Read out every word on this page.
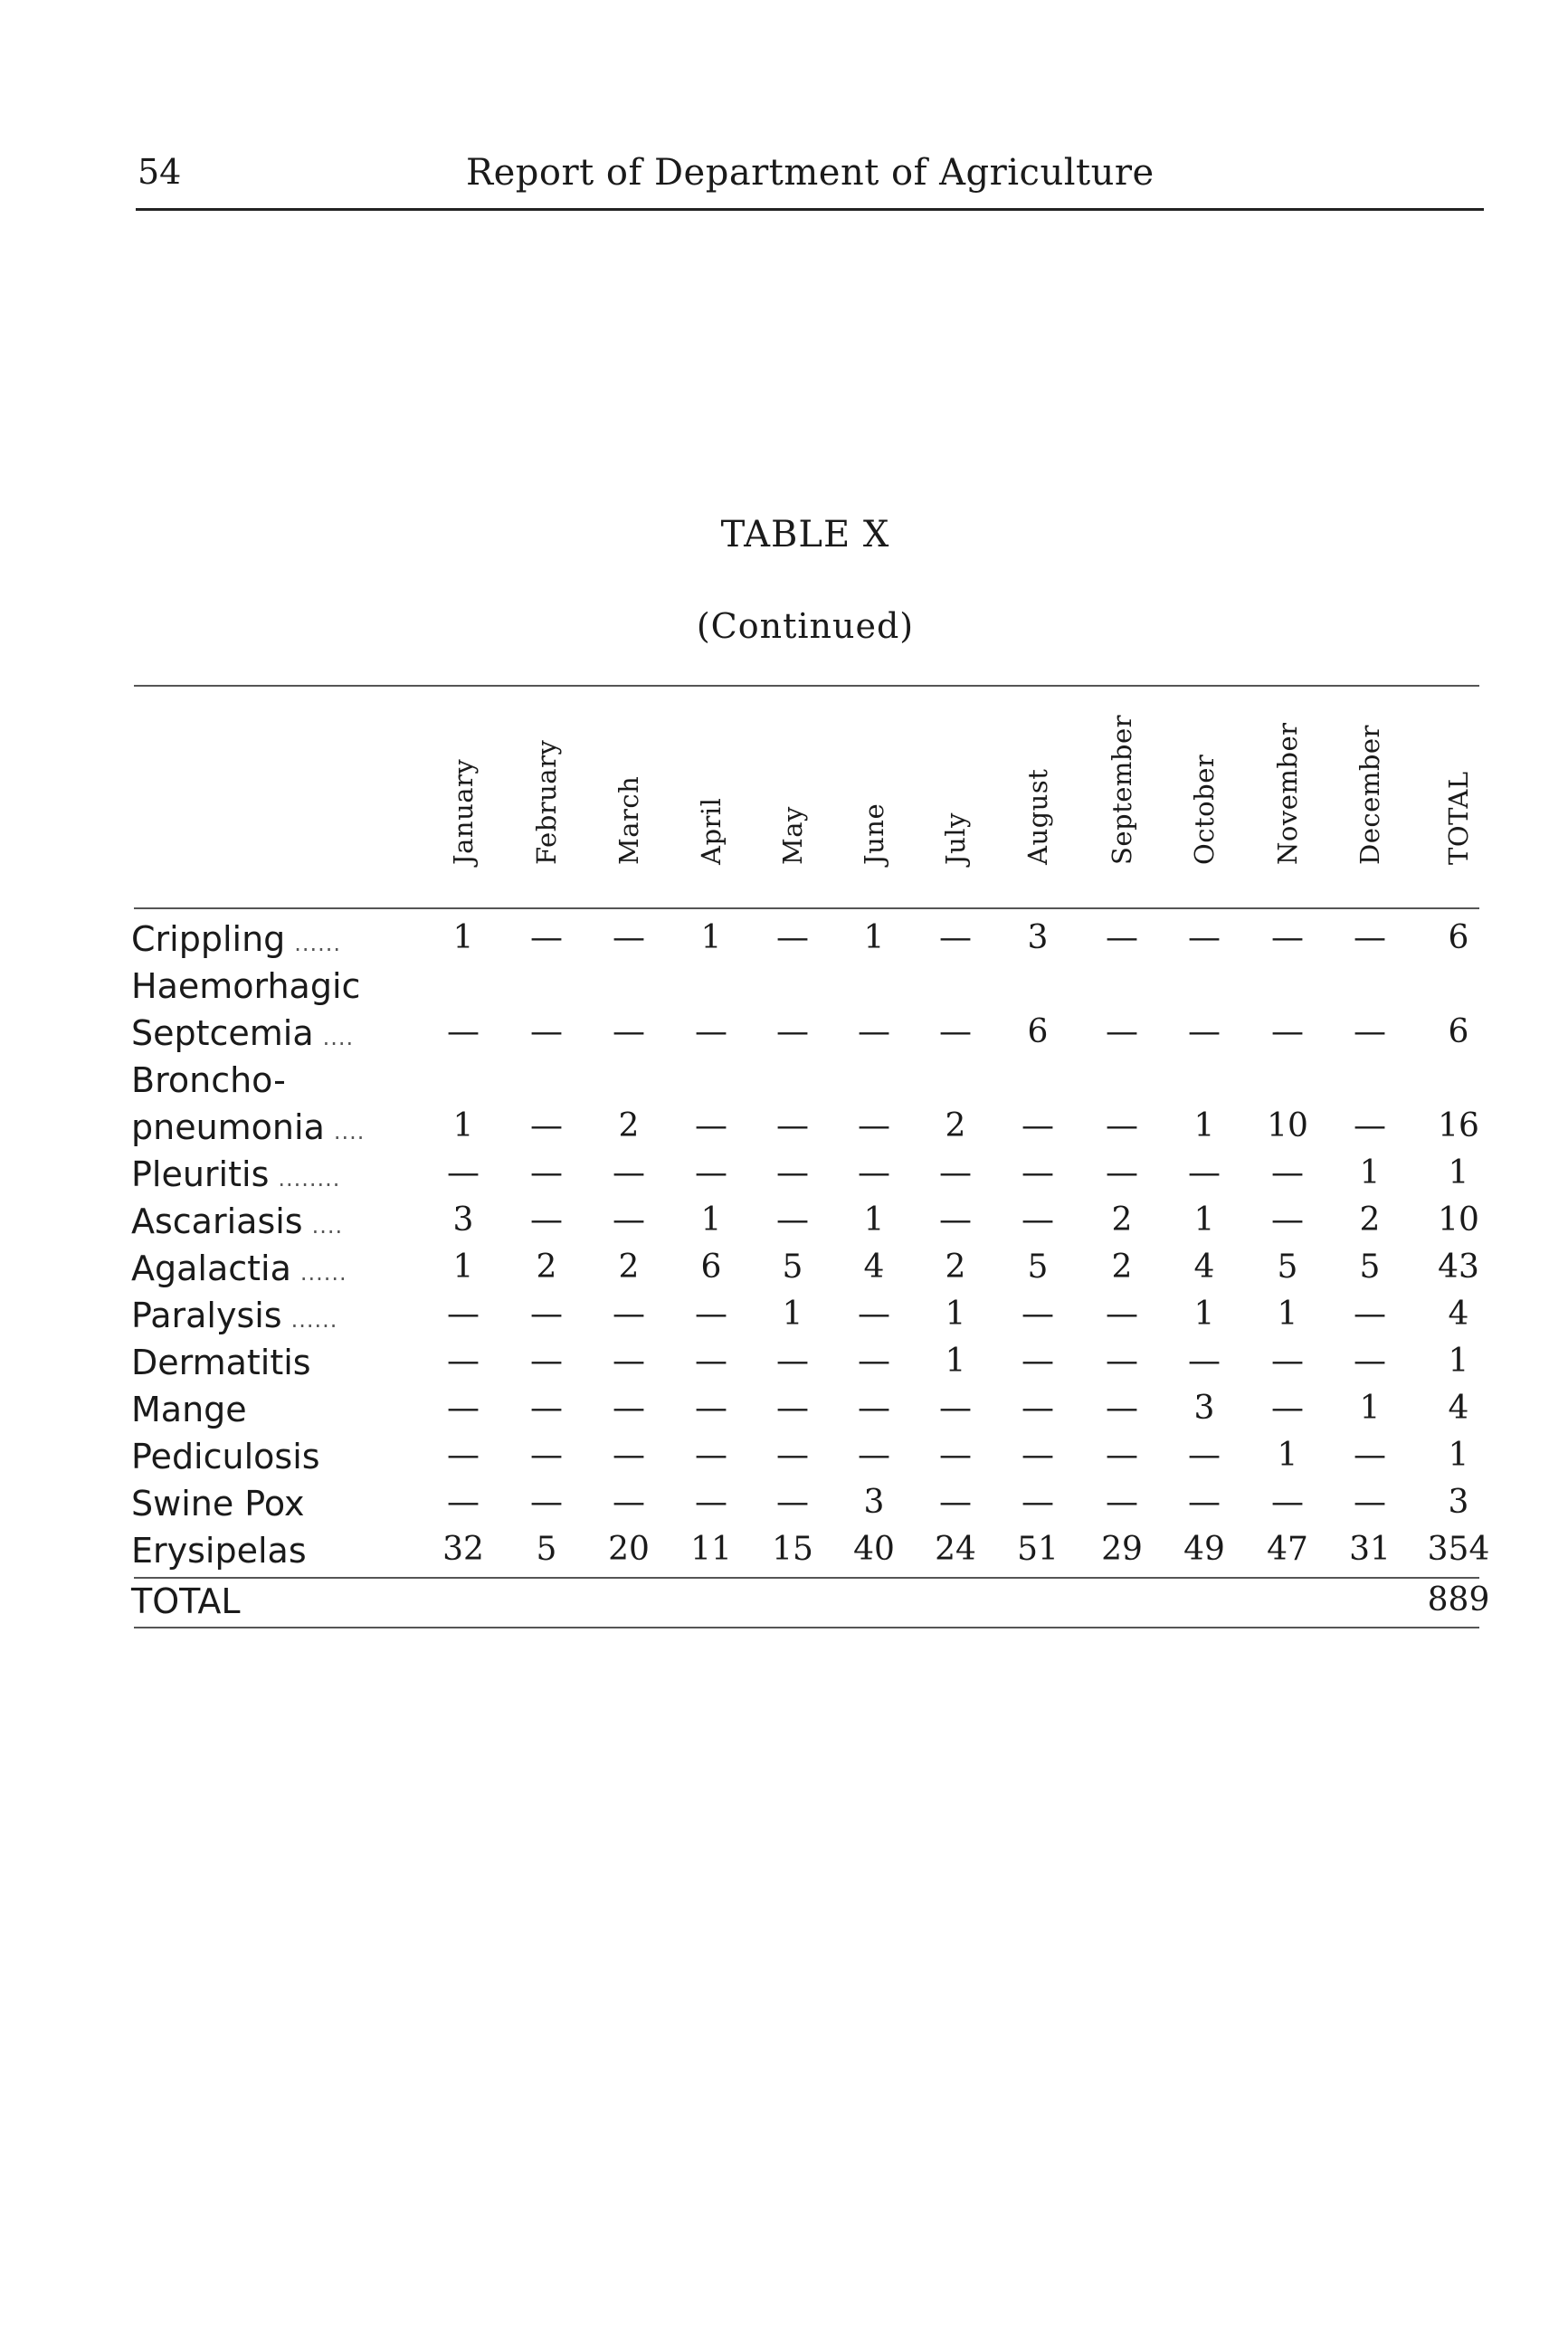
54	Report of Department of Agriculture
TABLE X
(Continued)
January February March April May June July August September October November December TOTAL
Crippling ......	1	—	—	1	—	1	—	3	—	—	—	—	6
Haemorhagic
Septcemia ....	—	—	—	—	—	—	—	6	—	—	—	—	6
Broncho-
pneumonia ....	1	—	2	—	—	—	2	—	—	1	10	—	16
Pleuritis ........	—	—	—	—	—	—	—	—	—	—	—	1	1
Ascariasis ....	3	—	—	1	—	1	—	—	2	1	—	2	10
Agalactia ......	1	2	2	6	5	4	2	5	2	4	5	5	43
Paralysis ......	—	—	—	—	1	—	1	—	—	1	1	—	4
Dermatitis	—	—	—	—	—	—	1	—	—	—	—	—	1
Mange	—	—	—	—	—	—	—	—	—	3	—	1	4
Pediculosis	—	—	—	—	—	—	—	—	—	—	1	—	1
Swine Pox	—	—	—	—	—	3	—	—	—	—	—	—	3
Erysipelas	32	5	20	11	15	40	24	51	29	49	47	31	354
TOTAL	889
